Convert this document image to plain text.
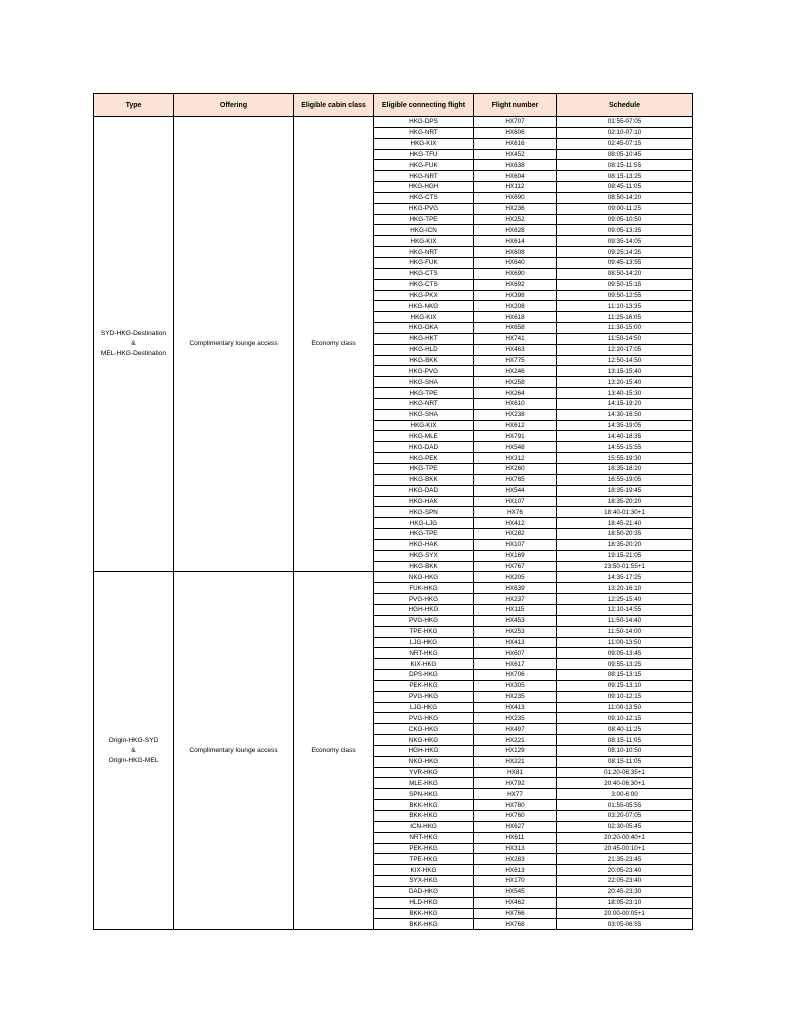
Type	Offering	Eligible cabin class	Eligible connecting flight	Flight number	Schedule

SYD-HKG-Destination
&
MEL-HKG-Destination	Complimentary lounge access	Economy class	HKG-DPS	HX707	01:55-07:05
			HKG-NRT	HX606	02:10-07:10
			HKG-KIX	HX616	02:45-07:15
			HKG-TFU	HX452	08:05-10:45
			HKG-FUK	HX638	08:15-11:55
			HKG-NRT	HX604	08:15-13:25
			HKG-HGH	HX112	08:45-11:05
			HKG-CTS	HX690	08:50-14:20
			HKG-PVG	HX236	09:00-11:25
			HKG-TPE	HX252	09:05-10:50
			HKG-ICN	HX628	09:05-13:35
			HKG-KIX	HX614	09:35-14:05
			HKG-NRT	HX608	09:25:14:25
			HKG-FUK	HX640	09:45-13:55
			HKG-CTS	HX690	08:50-14:20
			HKG-CTS	HX692	09:50-15:15
			HKG-PKX	HX398	09:50-12:55
			HKG-NKG	HX208	11:10-13:35
			HKG-KIX	HX618	11:25-16:05
			HKG-OKA	HX658	11:30-15:00
			HKG-HKT	HX741	11:50-14:50
			HKG-HLD	HX463	12:20-17:05
			HKG-BKK	HX775	12:50-14:50
			HKG-PVG	HX246	13:15-15:40
			HKG-SHA	HX258	13:20-15:40
			HKG-TPE	HX264	13:40-15:30
			HKG-NRT	HX610	14:15-19:20
			HKG-SHA	HX238	14:30-16:50
			HKG-KIX	HX612	14:35-19:05
			HKG-MLE	HX791	14:40-18:35
			HKG-DAD	HX548	14:55-15:55
			HKG-PEK	HX312	15:55-19:30
			HKG-TPE	HX260	16:35-18:20
			HKG-BKK	HX765	16:55-19:05
			HKG-DAD	HX544	18:35-19:45
			HKG-HAK	HX107	18:35-20:20
			HKG-SPN	HX76	18:40-01:30+1
			HKG-LJG	HX412	18:45-21:40
			HKG-TPE	HX282	18:50-20:35
			HKG-HAK	HX107	18:35-20:20
			HKG-SYX	HX169	19:15-21:05
			HKG-BKK	HX767	23:50-01:55+1

Origin-HKG-SYD
&
Origin-HKG-MEL	Complimentary lounge access	Economy class	NKG-HKG	HX205	14:35-17:25
			FUK-HKG	HX639	13:20-16:10
			PVG-HKG	HX237	12:25-15:40
			HGH-HKG	HX115	12:10-14:55
			PVG-HKG	HX453	11:50-14:40
			TPE-HKG	HX253	11:50-14:00
			LJG-HKG	HX413	11:00-13:50
			NRT-HKG	HX607	09:05-13:45
			KIX-HKG	HX617	09:55-13:25
			DPS-HKG	HX706	08:15-13:15
			PEK-HKG	HX305	09:15-13:10
			PVG-HKG	HX235	09:10-12:15
			LJG-HKG	HX413	11:00-13:50
			PVG-HKG	HX235	09:10-12:15
			CKG-HKG	HX497	08:40-11:25
			NKG-HKG	HX221	08:15-11:05
			HGH-HKG	HX129	08:10-10:50
			NKG-HKG	HX221	08:15-11:05
			YVR-HKG	HX81	01:20-06:35+1
			MLE-HKG	HX792	20:40-06:30+1
			SPN-HKG	HX77	3:00-6:00
			BKK-HKG	HX780	01:55-05:55
			BKK-HKG	HX760	03:20-07:05
			ICN-HKG	HX627	02:30-05:45
			NRT-HKG	HX611	20:20-00:40+1
			PEK-HKG	HX313	20:45-00:10+1
			TPE-HKG	HX283	21:35-23:45
			KIX-HKG	HX613	20:05-23:40
			SYX-HKG	HX170	22:05-23:40
			DAD-HKG	HX545	20:45-23:30
			HLD-HKG	HX462	18:05-23:10
			BKK-HKG	HX766	20:00-00:05+1
			BKK-HKG	HX768	03:05-06:55
